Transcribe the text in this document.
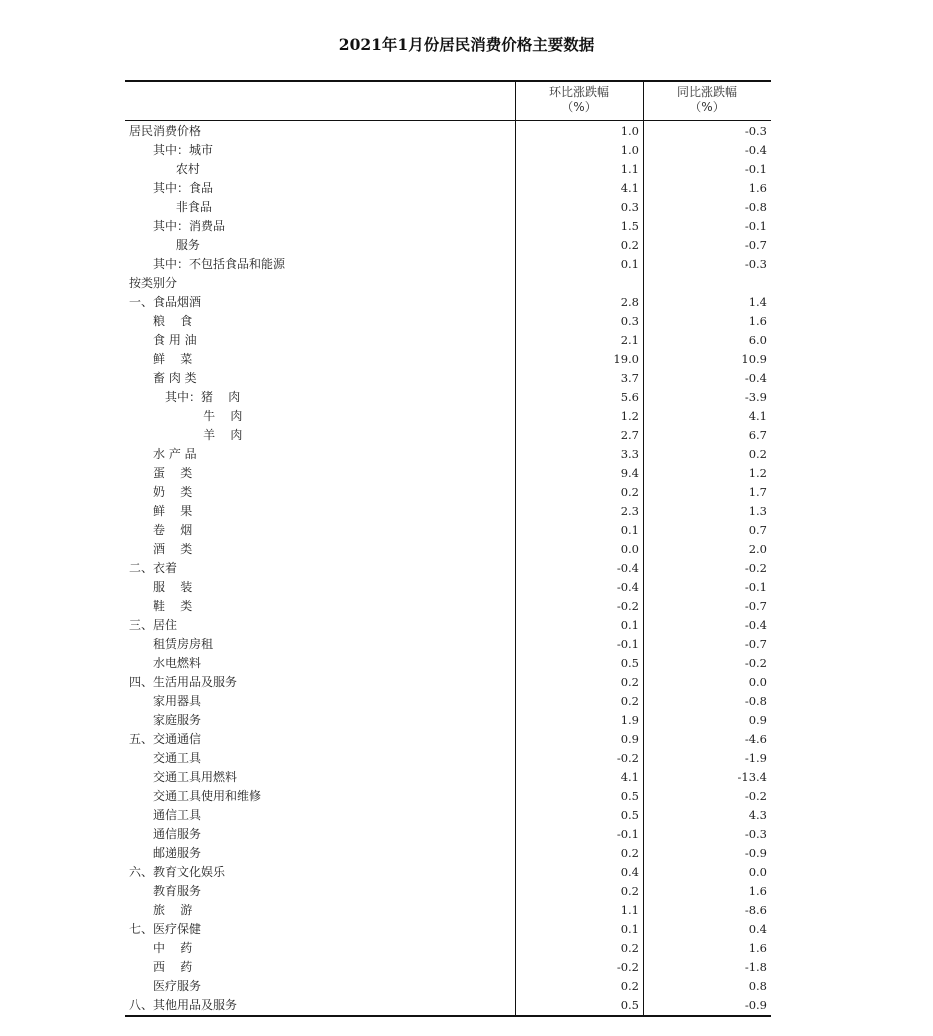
2021年1月份居民消费价格主要数据
环比涨跌幅
（%）
同比涨跌幅
（%）
居民消费价格	1.0	-0.3
其中：城市	1.0	-0.4
农村	1.1	-0.1
其中：食品	4.1	1.6
非食品	0.3	-0.8
其中：消费品	1.5	-0.1
服务	0.2	-0.7
其中：不包括食品和能源	0.1	-0.3
按类别分
一、食品烟酒	2.8	1.4
粮    食	0.3	1.6
食 用 油	2.1	6.0
鲜    菜	19.0	10.9
畜 肉 类	3.7	-0.4
其中：猪    肉	5.6	-3.9
牛    肉	1.2	4.1
羊    肉	2.7	6.7
水 产 品	3.3	0.2
蛋    类	9.4	1.2
奶    类	0.2	1.7
鲜    果	2.3	1.3
卷    烟	0.1	0.7
酒    类	0.0	2.0
二、衣着	-0.4	-0.2
服    装	-0.4	-0.1
鞋    类	-0.2	-0.7
三、居住	0.1	-0.4
租赁房房租	-0.1	-0.7
水电燃料	0.5	-0.2
四、生活用品及服务	0.2	0.0
家用器具	0.2	-0.8
家庭服务	1.9	0.9
五、交通通信	0.9	-4.6
交通工具	-0.2	-1.9
交通工具用燃料	4.1	-13.4
交通工具使用和维修	0.5	-0.2
通信工具	0.5	4.3
通信服务	-0.1	-0.3
邮递服务	0.2	-0.9
六、教育文化娱乐	0.4	0.0
教育服务	0.2	1.6
旅    游	1.1	-8.6
七、医疗保健	0.1	0.4
中    药	0.2	1.6
西    药	-0.2	-1.8
医疗服务	0.2	0.8
八、其他用品及服务	0.5	-0.9
